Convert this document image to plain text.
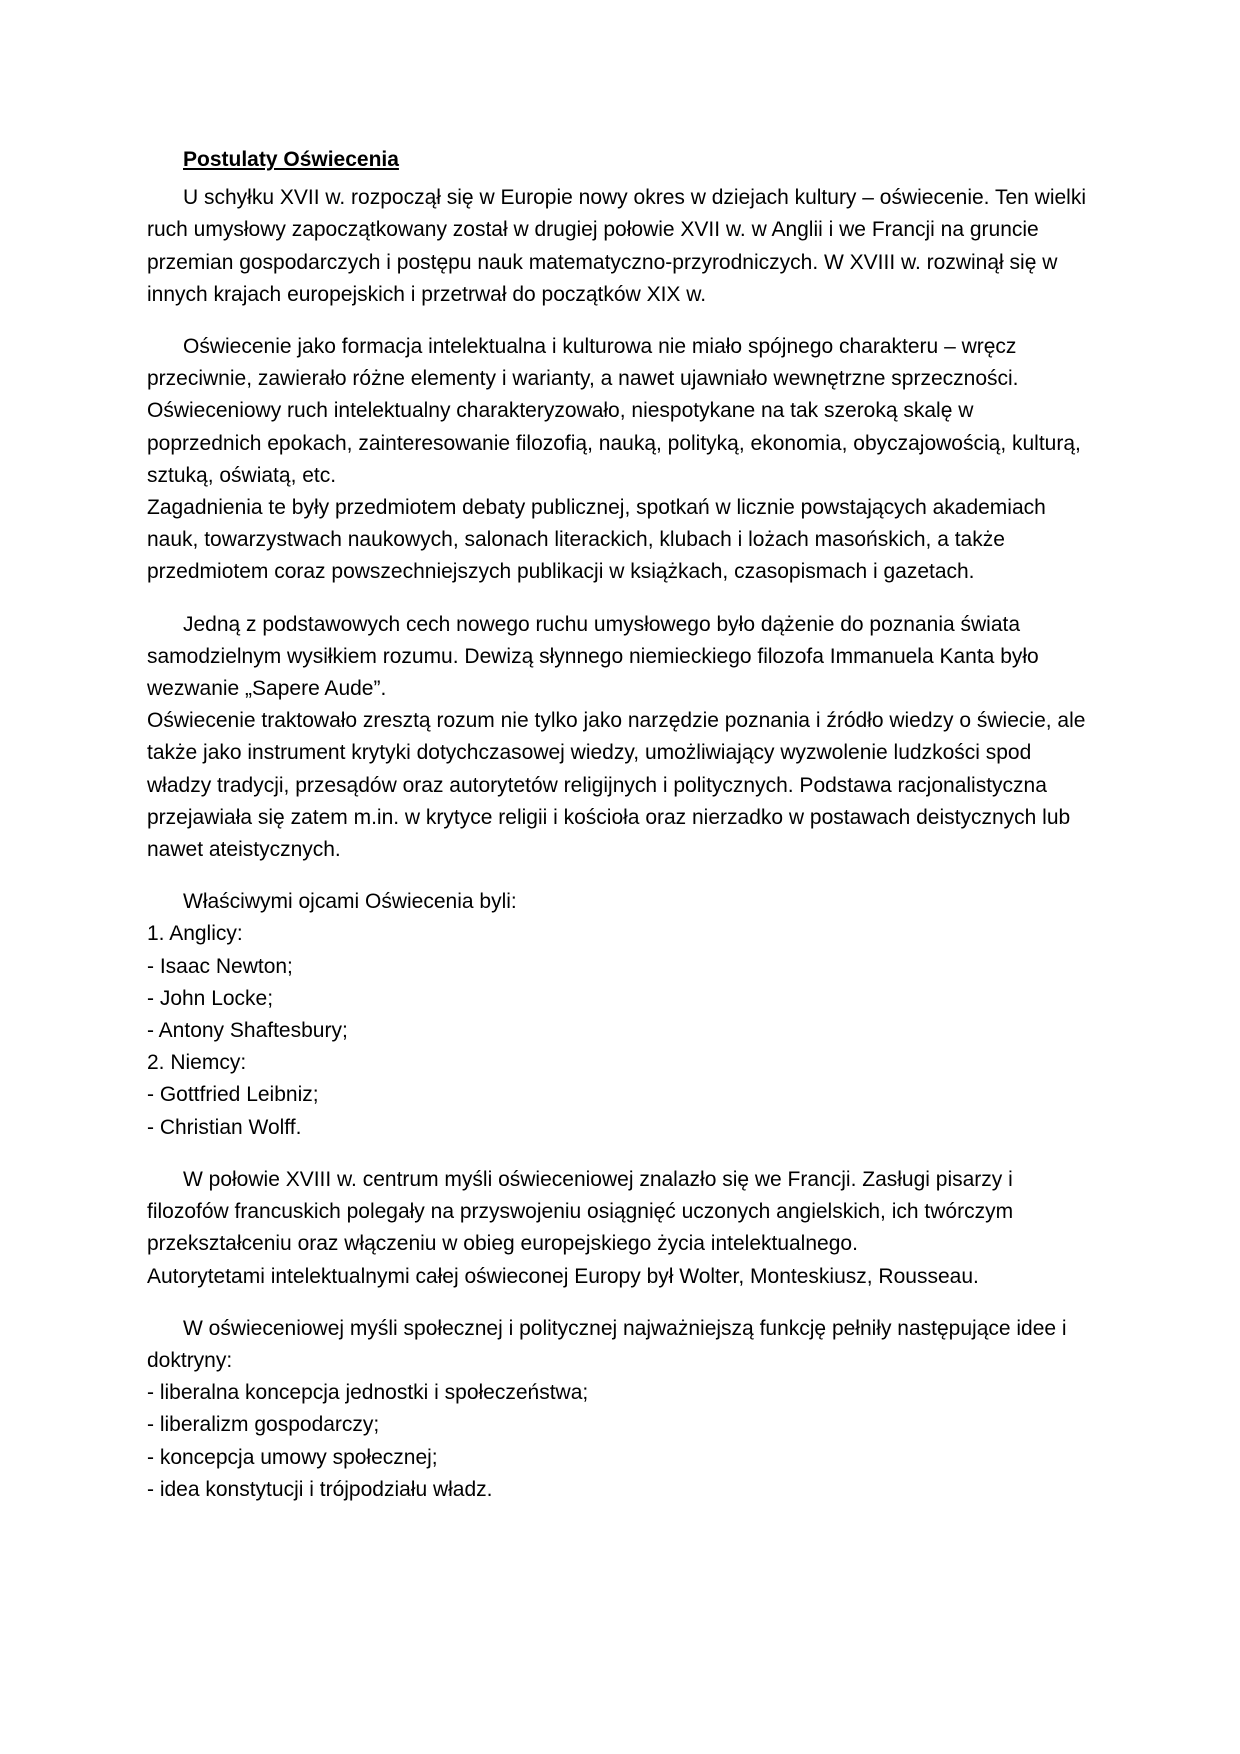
Postulaty Oświecenia

U schyłku XVII w. rozpoczął się w Europie nowy okres w dziejach kultury – oświecenie. Ten wielki ruch umysłowy zapoczątkowany został w drugiej połowie XVII w. w Anglii i we Francji na gruncie przemian gospodarczych i postępu nauk matematyczno-przyrodniczych. W XVIII w. rozwinął się w innych krajach europejskich i przetrwał do początków XIX w.

Oświecenie jako formacja intelektualna i kulturowa nie miało spójnego charakteru – wręcz przeciwnie, zawierało różne elementy i warianty, a nawet ujawniało wewnętrzne sprzeczności. Oświeceniowy ruch intelektualny charakteryzowało, niespotykane na tak szeroką skalę w poprzednich epokach, zainteresowanie filozofią, nauką, polityką, ekonomia, obyczajowością, kulturą, sztuką, oświatą, etc.

Zagadnienia te były przedmiotem debaty publicznej, spotkań w licznie powstających akademiach nauk, towarzystwach naukowych, salonach literackich, klubach i lożach masońskich, a także przedmiotem coraz powszechniejszych publikacji w książkach, czasopismach i gazetach.

Jedną z podstawowych cech nowego ruchu umysłowego było dążenie do poznania świata samodzielnym wysiłkiem rozumu. Dewizą słynnego niemieckiego filozofa Immanuela Kanta było wezwanie „Sapere Aude”.

Oświecenie traktowało zresztą rozum nie tylko jako narzędzie poznania i źródło wiedzy o świecie, ale także jako instrument krytyki dotychczasowej wiedzy, umożliwiający wyzwolenie ludzkości spod władzy tradycji, przesądów oraz autorytetów religijnych i politycznych. Podstawa racjonalistyczna przejawiała się zatem m.in. w krytyce religii i kościoła oraz nierzadko w postawach deistycznych lub nawet ateistycznych.

Właściwymi ojcami Oświecenia byli:

1. Anglicy:

- Isaac Newton;

- John Locke;

- Antony Shaftesbury;

2. Niemcy:

- Gottfried Leibniz;

- Christian Wolff.

W połowie XVIII w. centrum myśli oświeceniowej znalazło się we Francji. Zasługi pisarzy i filozofów francuskich polegały na przyswojeniu osiągnięć uczonych angielskich, ich twórczym przekształceniu oraz włączeniu w obieg europejskiego życia intelektualnego.

Autorytetami intelektualnymi całej oświeconej Europy był Wolter, Monteskiusz, Rousseau.

W oświeceniowej myśli społecznej i politycznej najważniejszą funkcję pełniły następujące idee i doktryny:

- liberalna koncepcja jednostki i społeczeństwa;

- liberalizm gospodarczy;

- koncepcja umowy społecznej;

- idea konstytucji i trójpodziału władz.
